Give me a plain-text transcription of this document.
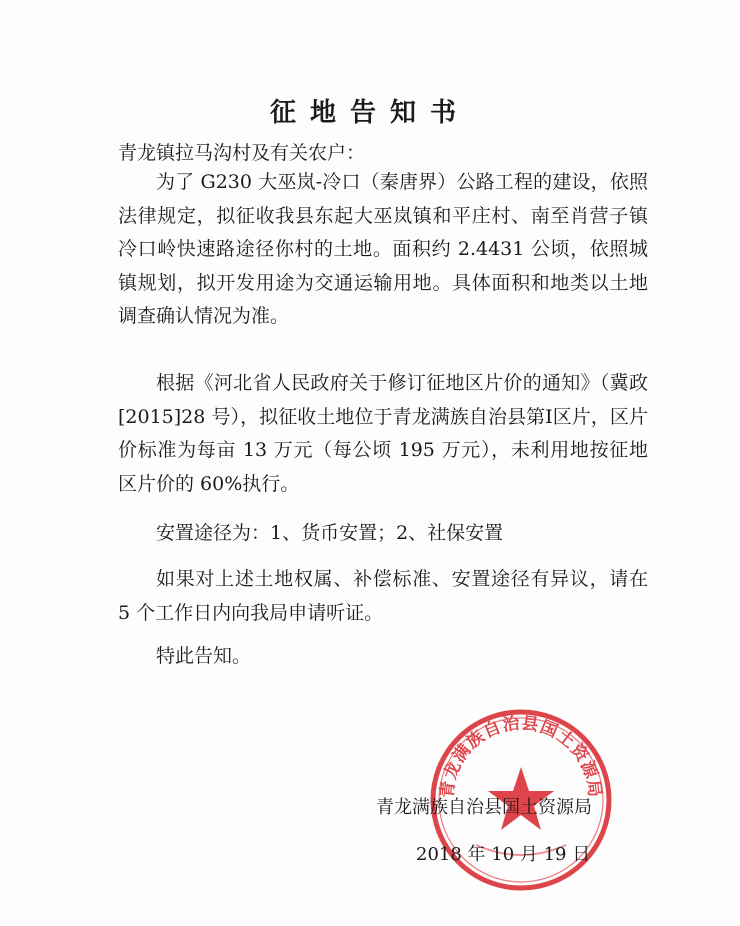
征地告知书
青龙镇拉马沟村及有关农户：

为了 G230 大巫岚-冷口（秦唐界）公路工程的建设，依照法律规定，拟征收我县东起大巫岚镇和平庄村、南至肖营子镇冷口岭快速路途径你村的土地。面积约 2.4431 公顷，依照城镇规划，拟开发用途为交通运输用地。具体面积和地类以土地调查确认情况为准。

根据《河北省人民政府关于修订征地区片价的通知》（冀政[2015]28 号），拟征收土地位于青龙满族自治县第Ⅰ区片，区片价标准为每亩 13 万元（每公顷 195 万元），未利用地按征地区片价的 60%执行。

安置途径为：1、货币安置；2、社保安置

如果对上述土地权属、补偿标准、安置途径有异议，请在 5 个工作日内向我局申请听证。

特此告知。

青龙满族自治县国土资源局
青龙满族自治县国土资源局
2018 年 10 月 19 日
